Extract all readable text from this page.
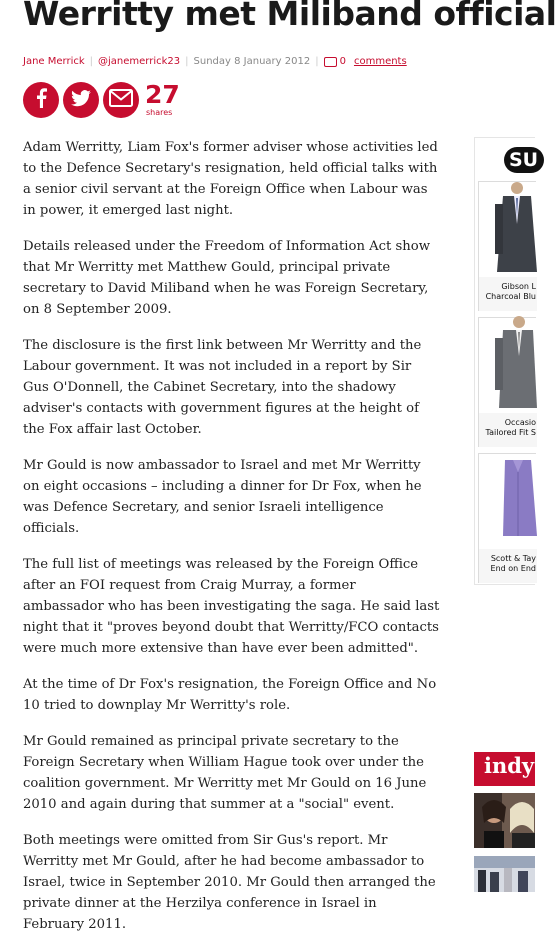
Werritty met Miliband official
Jane Merrick | @janemerrick23 | Sunday 8 January 2012 | 0 comments
27
shares

Adam Werritty, Liam Fox's former adviser whose activities led to the Defence Secretary's resignation, held official talks with a senior civil servant at the Foreign Office when Labour was in power, it emerged last night.

Details released under the Freedom of Information Act show that Mr Werritty met Matthew Gould, principal private secretary to David Miliband when he was Foreign Secretary, on 8 September 2009.

The disclosure is the first link between Mr Werritty and the Labour government. It was not included in a report by Sir Gus O'Donnell, the Cabinet Secretary, into the shadowy adviser's contacts with government figures at the height of the Fox affair last October.

Mr Gould is now ambassador to Israel and met Mr Werritty on eight occasions – including a dinner for Dr Fox, when he was Defence Secretary, and senior Israeli intelligence officials.

The full list of meetings was released by the Foreign Office after an FOI request from Craig Murray, a former ambassador who has been investigating the saga. He said last night that it "proves beyond doubt that Werritty/FCO contacts were much more extensive than have ever been admitted".

At the time of Dr Fox's resignation, the Foreign Office and No 10 tried to downplay Mr Werritty's role.

Mr Gould remained as principal private secretary to the Foreign Secretary when William Hague took over under the coalition government. Mr Werritty met Mr Gould on 16 June 2010 and again during that summer at a "social" event.

Both meetings were omitted from Sir Gus's report. Mr Werritty met Mr Gould, after he had become ambassador to Israel, twice in September 2010. Mr Gould then arranged the private dinner at the Herzilya conference in Israel in February 2011.

SU
Gibson L
Charcoal Blu
Occasio
Tailored Fit S
Scott & Tay
End on End
indy
